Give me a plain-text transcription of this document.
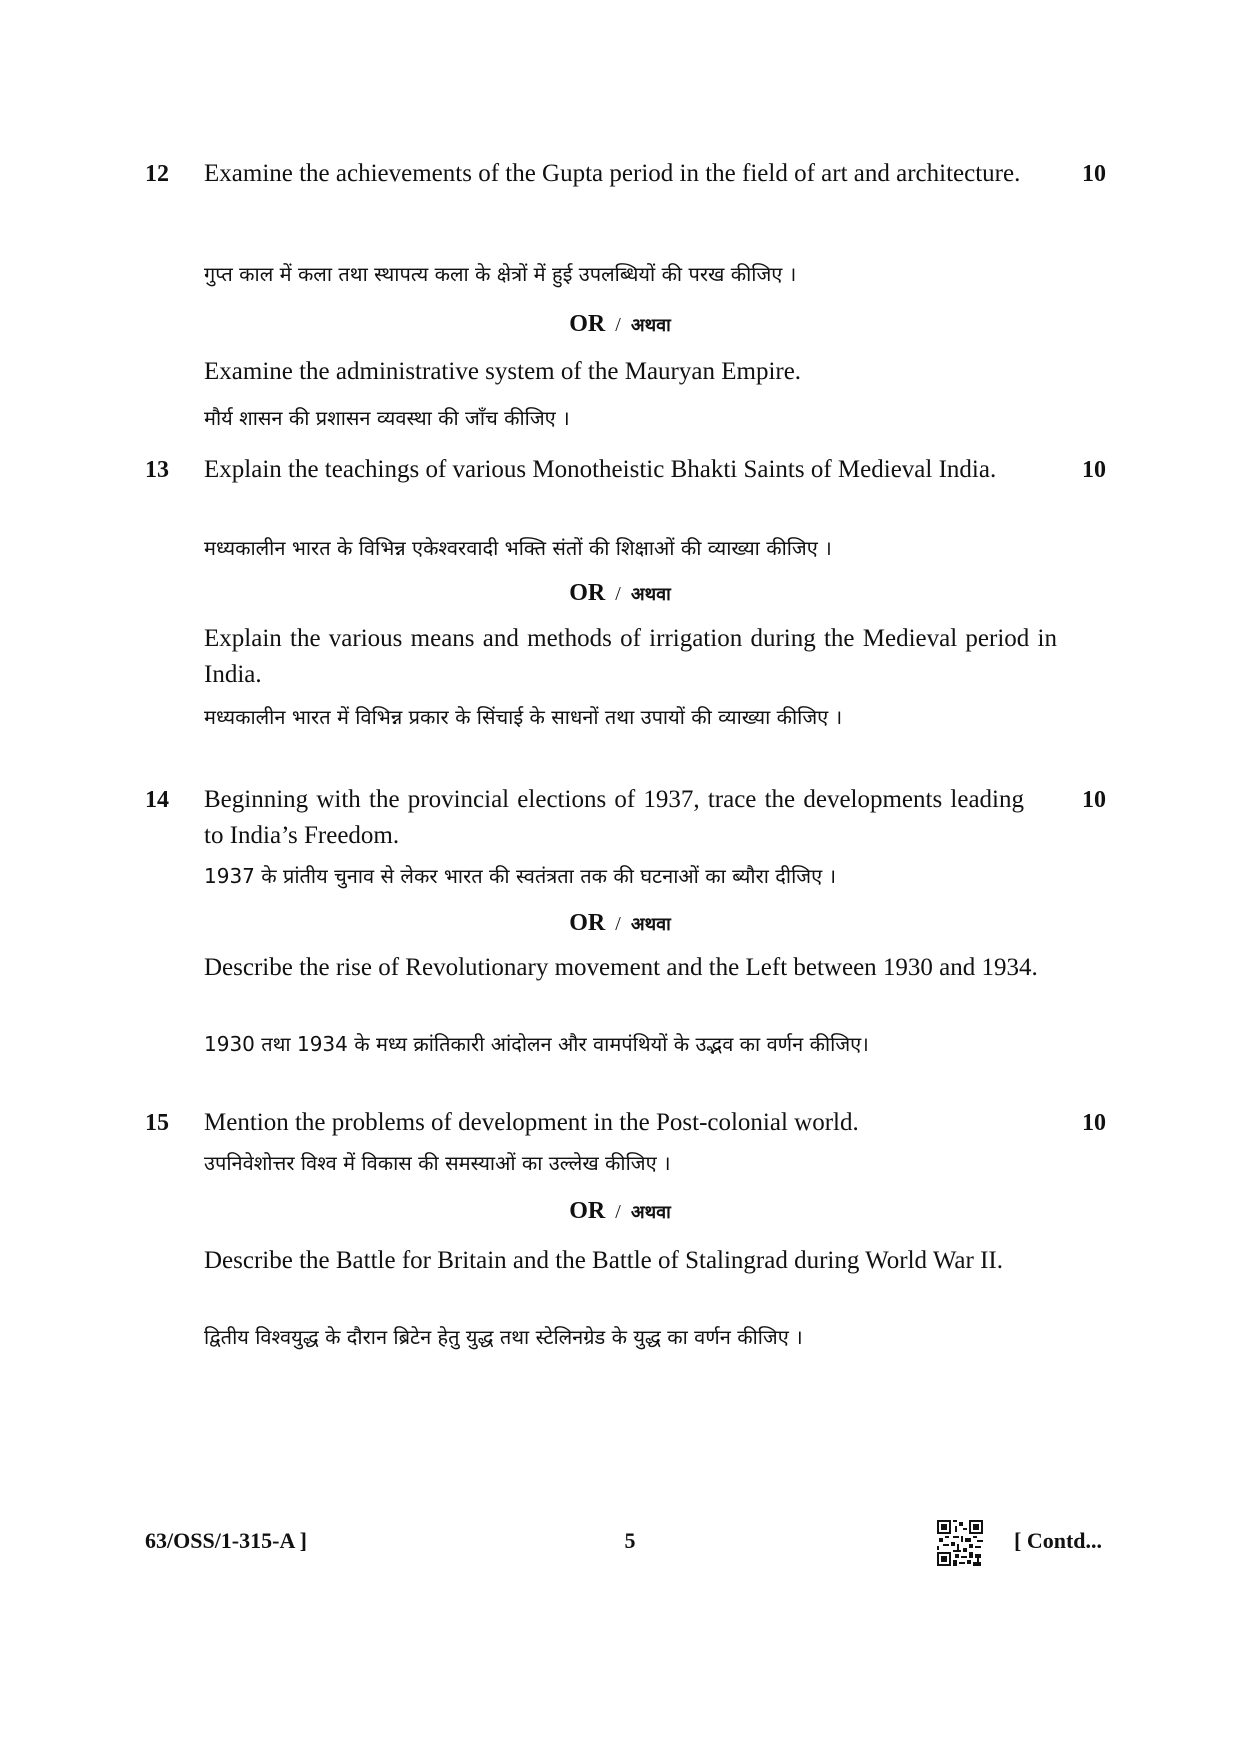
12	10
Examine the achievements of the Gupta period in the field of art and architecture.
गुप्त काल में कला तथा स्थापत्य कला के क्षेत्रों में हुई उपलब्धियों की परख कीजिए ।
OR / अथवा
Examine the administrative system of the Mauryan Empire.
मौर्य शासन की प्रशासन व्यवस्था की जाँच कीजिए ।
13	10
Explain the teachings of various Monotheistic Bhakti Saints of Medieval India.
मध्यकालीन भारत के विभिन्न एकेश्वरवादी भक्ति संतों की शिक्षाओं की व्याख्या कीजिए ।
OR / अथवा
Explain the various means and methods of irrigation during the Medieval period in India.
मध्यकालीन भारत में विभिन्न प्रकार के सिंचाई के साधनों तथा उपायों की व्याख्या कीजिए ।
14	10
Beginning with the provincial elections of 1937, trace the developments leading to India’s Freedom.
1937 के प्रांतीय चुनाव से लेकर भारत की स्वतंत्रता तक की घटनाओं का ब्यौरा दीजिए ।
OR / अथवा
Describe the rise of Revolutionary movement and the Left between 1930 and 1934.
1930 तथा 1934 के मध्य क्रांतिकारी आंदोलन और वामपंथियों के उद्भव का वर्णन कीजिए।
15	10
Mention the problems of development in the Post-colonial world.
उपनिवेशोत्तर विश्व में विकास की समस्याओं का उल्लेख कीजिए ।
OR / अथवा
Describe the Battle for Britain and the Battle of Stalingrad during World War II.
द्वितीय विश्वयुद्ध के दौरान ब्रिटेन हेतु युद्ध तथा स्टेलिनग्रेड के युद्ध का वर्णन कीजिए ।
63/OSS/1-315-A ]	5	[ Contd...
